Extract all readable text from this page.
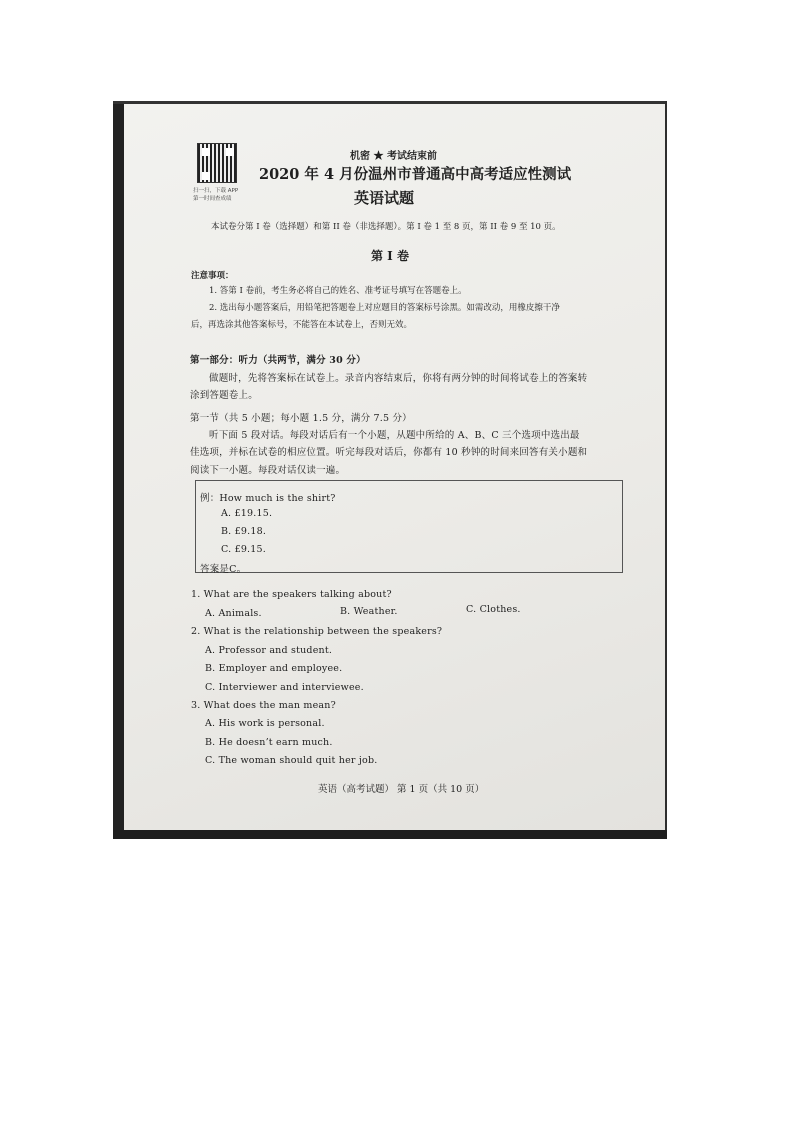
扫一扫，下载 APP
第一时间查成绩
机密 ★ 考试结束前
2020 年 4 月份温州市普通高中高考适应性测试
英语试题
本试卷分第 I 卷（选择题）和第 II 卷（非选择题）。第 I 卷 1 至 8 页，第 II 卷 9 至 10 页。
第 I 卷
注意事项：
1. 答第 I 卷前，考生务必将自己的姓名、准考证号填写在答题卷上。
2. 选出每小题答案后，用铅笔把答题卷上对应题目的答案标号涂黑。如需改动，用橡皮擦干净
后，再选涂其他答案标号，不能答在本试卷上，否则无效。
第一部分：听力（共两节，满分 30 分）
做题时，先将答案标在试卷上。录音内容结束后，你将有两分钟的时间将试卷上的答案转
涂到答题卷上。
第一节（共 5 小题；每小题 1.5 分，满分 7.5 分）
听下面 5 段对话。每段对话后有一个小题，从题中所给的 A、B、C 三个选项中选出最
佳选项，并标在试卷的相应位置。听完每段对话后，你都有 10 秒钟的时间来回答有关小题和
阅读下一小题。每段对话仅读一遍。
例：How much is the shirt?
A. £19.15.
B. £9.18.
C. £9.15.
答案是C。
1. What are the speakers talking about?
A. Animals.	B. Weather.	C. Clothes.
2. What is the relationship between the speakers?
A. Professor and student.
B. Employer and employee.
C. Interviewer and interviewee.
3. What does the man mean?
A. His work is personal.
B. He doesn’t earn much.
C. The woman should quit her job.
英语（高考试题） 第 1 页（共 10 页）
